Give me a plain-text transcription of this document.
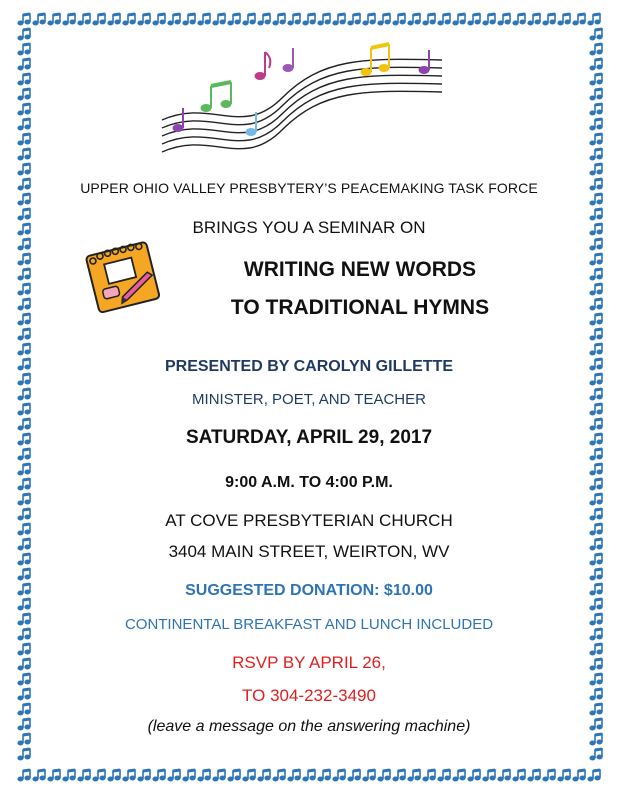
UPPER OHIO VALLEY PRESBYTERY’S PEACEMAKING TASK FORCE
BRINGS YOU A SEMINAR ON
WRITING NEW WORDS
TO TRADITIONAL HYMNS
PRESENTED BY CAROLYN GILLETTE
MINISTER, POET, AND TEACHER
SATURDAY, APRIL 29, 2017
9:00 A.M. TO 4:00 P.M.
AT COVE PRESBYTERIAN CHURCH
3404 MAIN STREET, WEIRTON, WV
SUGGESTED DONATION: $10.00
CONTINENTAL BREAKFAST AND LUNCH INCLUDED
RSVP BY APRIL 26,
TO 304-232-3490
(leave a message on the answering machine)
